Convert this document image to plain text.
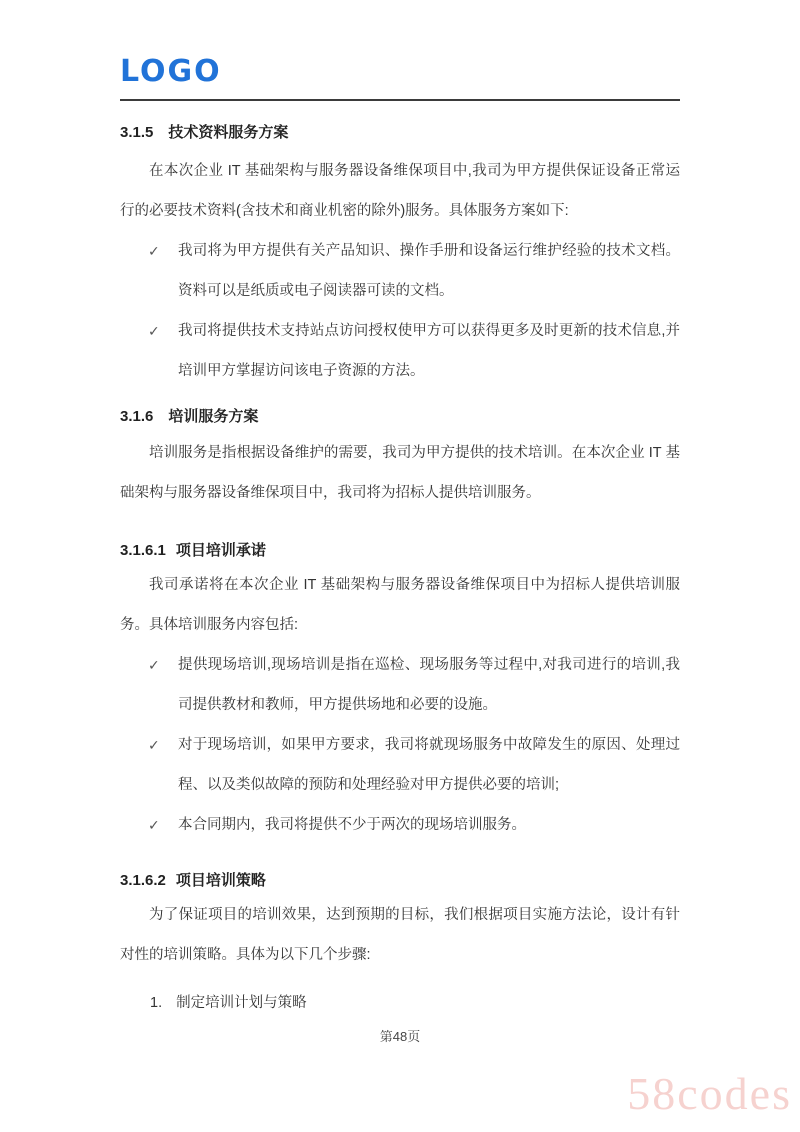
LOGO
3.1.5 技术资料服务方案

在本次企业 IT 基础架构与服务器设备维保项目中,我司为甲方提供保证设备正常运行的必要技术资料(含技术和商业机密的除外)服务。具体服务方案如下:

✓ 我司将为甲方提供有关产品知识、操作手册和设备运行维护经验的技术文档。资料可以是纸质或电子阅读器可读的文档。
✓ 我司将提供技术支持站点访问授权使甲方可以获得更多及时更新的技术信息,并培训甲方掌握访问该电子资源的方法。
3.1.6 培训服务方案

培训服务是指根据设备维护的需要，我司为甲方提供的技术培训。在本次企业 IT 基础架构与服务器设备维保项目中，我司将为招标人提供培训服务。

3.1.6.1 项目培训承诺

我司承诺将在本次企业 IT 基础架构与服务器设备维保项目中为招标人提供培训服务。具体培训服务内容包括:

✓ 提供现场培训,现场培训是指在巡检、现场服务等过程中,对我司进行的培训,我司提供教材和教师，甲方提供场地和必要的设施。
✓ 对于现场培训，如果甲方要求，我司将就现场服务中故障发生的原因、处理过程、以及类似故障的预防和处理经验对甲方提供必要的培训;
✓ 本合同期内，我司将提供不少于两次的现场培训服务。
3.1.6.2 项目培训策略

为了保证项目的培训效果，达到预期的目标，我们根据项目实施方法论，设计有针对性的培训策略。具体为以下几个步骤:

1. 制定培训计划与策略
第48页
58codes
